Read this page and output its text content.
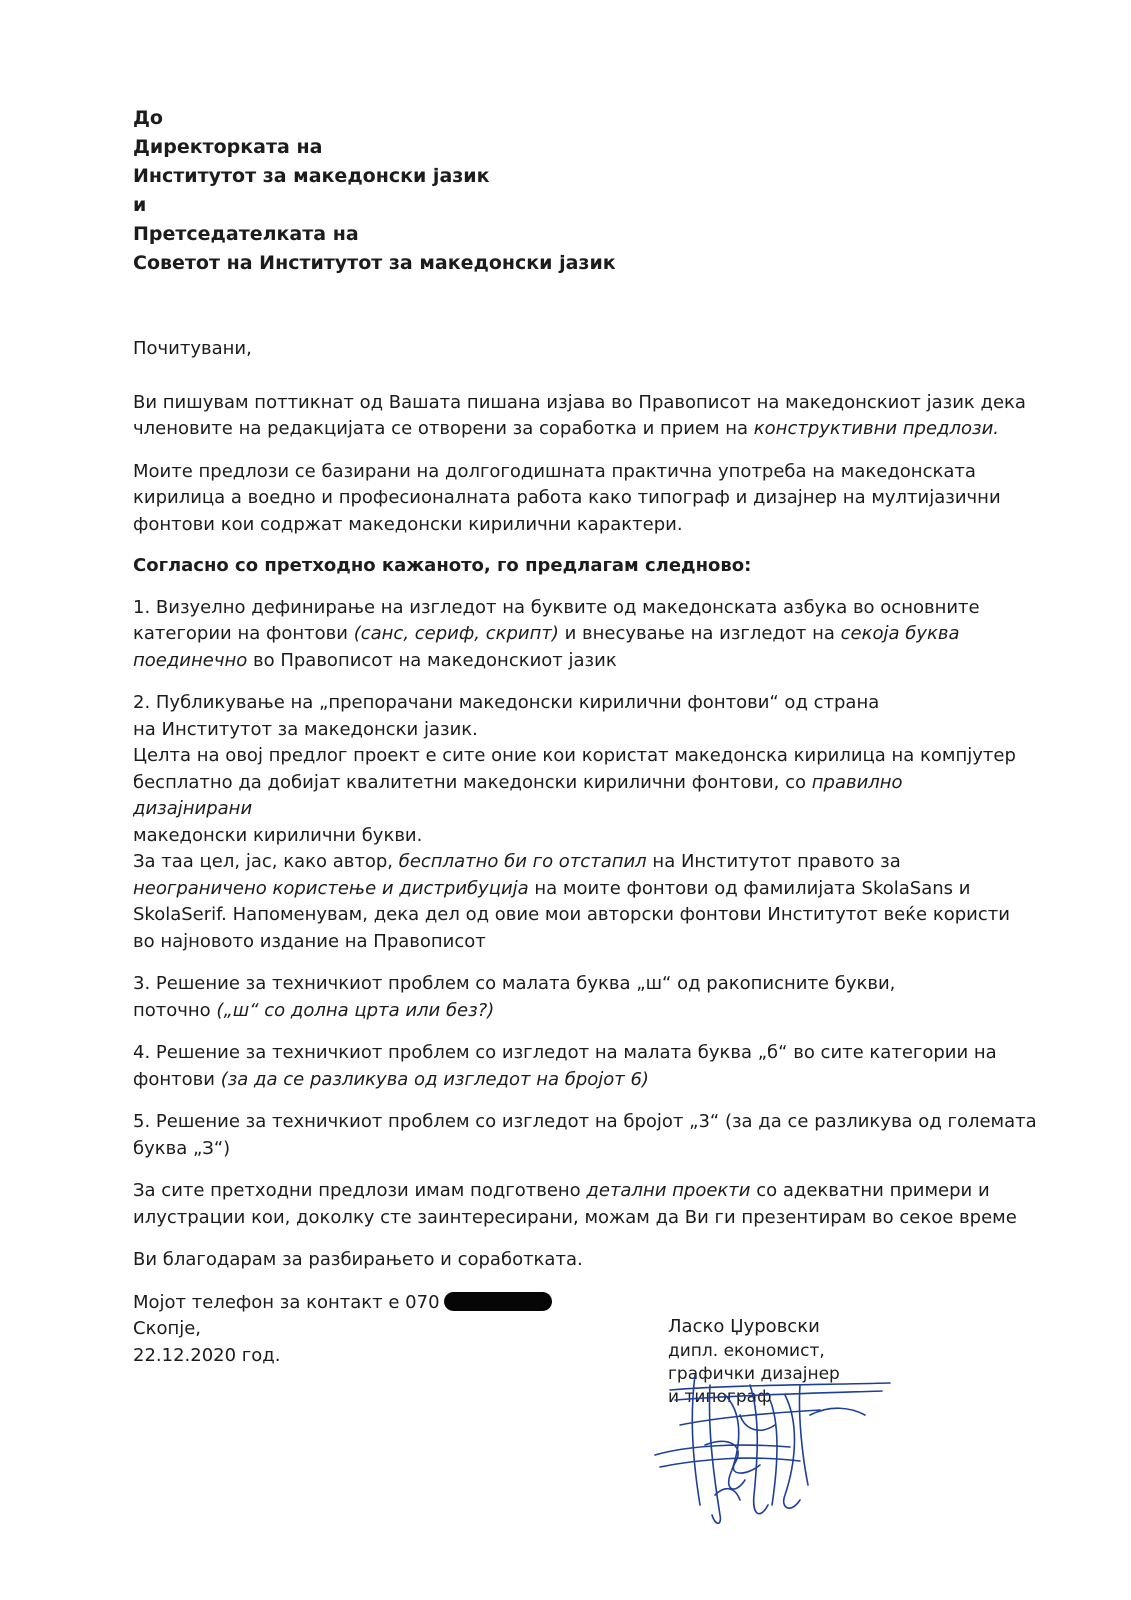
До
Директорката на
Институтот за македонски јазик
и
Претседателката на
Советот на Институтот за македонски јазик

Почитувани,

Ви пишувам поттикнат од Вашата пишана изјава во Правописот на македонскиот јазик дека
членовите на редакцијата се отворени за соработка и прием на конструктивни предлози.

Моите предлози се базирани на долгогодишната практична употреба на македонската
кирилица а воедно и професионалната работа како типограф и дизајнер на мултијазични
фонтови кои содржат македонски кирилични карактери.

Согласно со претходно кажаното, го предлагам следново:

1. Визуелно дефинирање на изгледот на буквите од македонската азбука во основните
категории на фонтови (санс, сериф, скрипт) и внесување на изгледот на секоја буква
поединечно во Правописот на македонскиот јазик

2. Публикување на „препорачани македонски кирилични фонтови“ од страна
на Институтот за македонски јазик.
Целта на овој предлог проект е сите оние кои користат македонска кирилица на компјутер
бесплатно да добијат квалитетни македонски кирилични фонтови, со правилно дизајнирани
македонски кирилични букви.
За таа цел, јас, како автор, бесплатно би го отстапил на Институтот правото за
неограничено користење и дистрибуција на моите фонтови од фамилијата SkolaSans и
SkolaSerif. Напоменувам, дека дел од овие мои авторски фонтови Институтот веќе користи
во најновото издание на Правописот

3. Решение за техничкиот проблем со малата буква „ш“ од ракописните букви,
поточно („ш“ со долна црта или без?)

4. Решение за техничкиот проблем со изгледот на малата буква „б“ во сите категории на
фонтови (за да се разликува од изгледот на бројот 6)

5. Решение за техничкиот проблем со изгледот на бројот „3“ (за да се разликува од големата
буква „З“)

За сите претходни предлози имам подготвено детални проекти со адекватни примери и
илустрации кои, доколку сте заинтересирани, можам да Ви ги презентирам во секое време

Ви благодарам за разбирањето и соработката.

Мојот телефон за контакт е 070

Скопје,
22.12.2020 год.
Ласко Џуровски
дипл. економист,
графички дизајнер
и типограф
